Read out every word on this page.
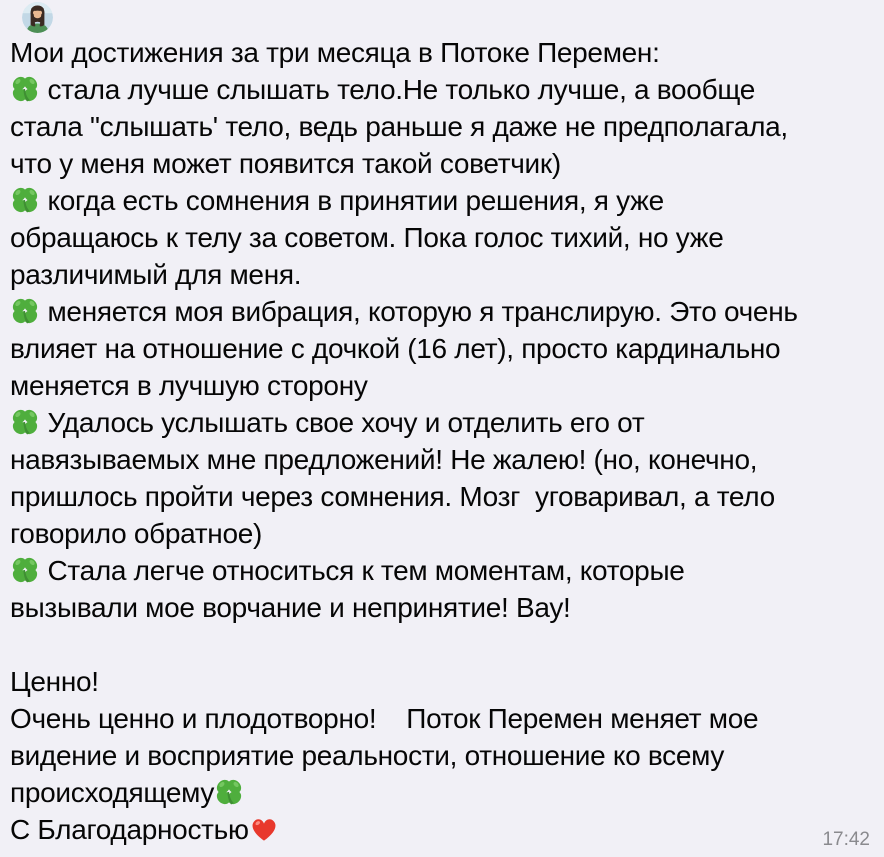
Мои достижения за три месяца в Потоке Перемен:
стала лучше слышать тело.Не только лучше, а вообще
стала "слышать' тело, ведь раньше я даже не предполагала,
что у меня может появится такой советчик)
когда есть сомнения в принятии решения, я уже
обращаюсь к телу за советом. Пока голос тихий, но уже
различимый для меня.
меняется моя вибрация, которую я транслирую. Это очень
влияет на отношение с дочкой (16 лет), просто кардинально
меняется в лучшую сторону
Удалось услышать свое хочу и отделить его от
навязываемых мне предложений! Не жалею! (но, конечно,
пришлось пройти через сомнения. Мозг  уговаривал, а тело
говорило обратное)
Стала легче относиться к тем моментам, которые
вызывали мое ворчание и непринятие! Вау!
Ценно!
Очень ценно и плодотворно!    Поток Перемен меняет мое
видение и восприятие реальности, отношение ко всему
происходящему
С Благодарностью	17:42
